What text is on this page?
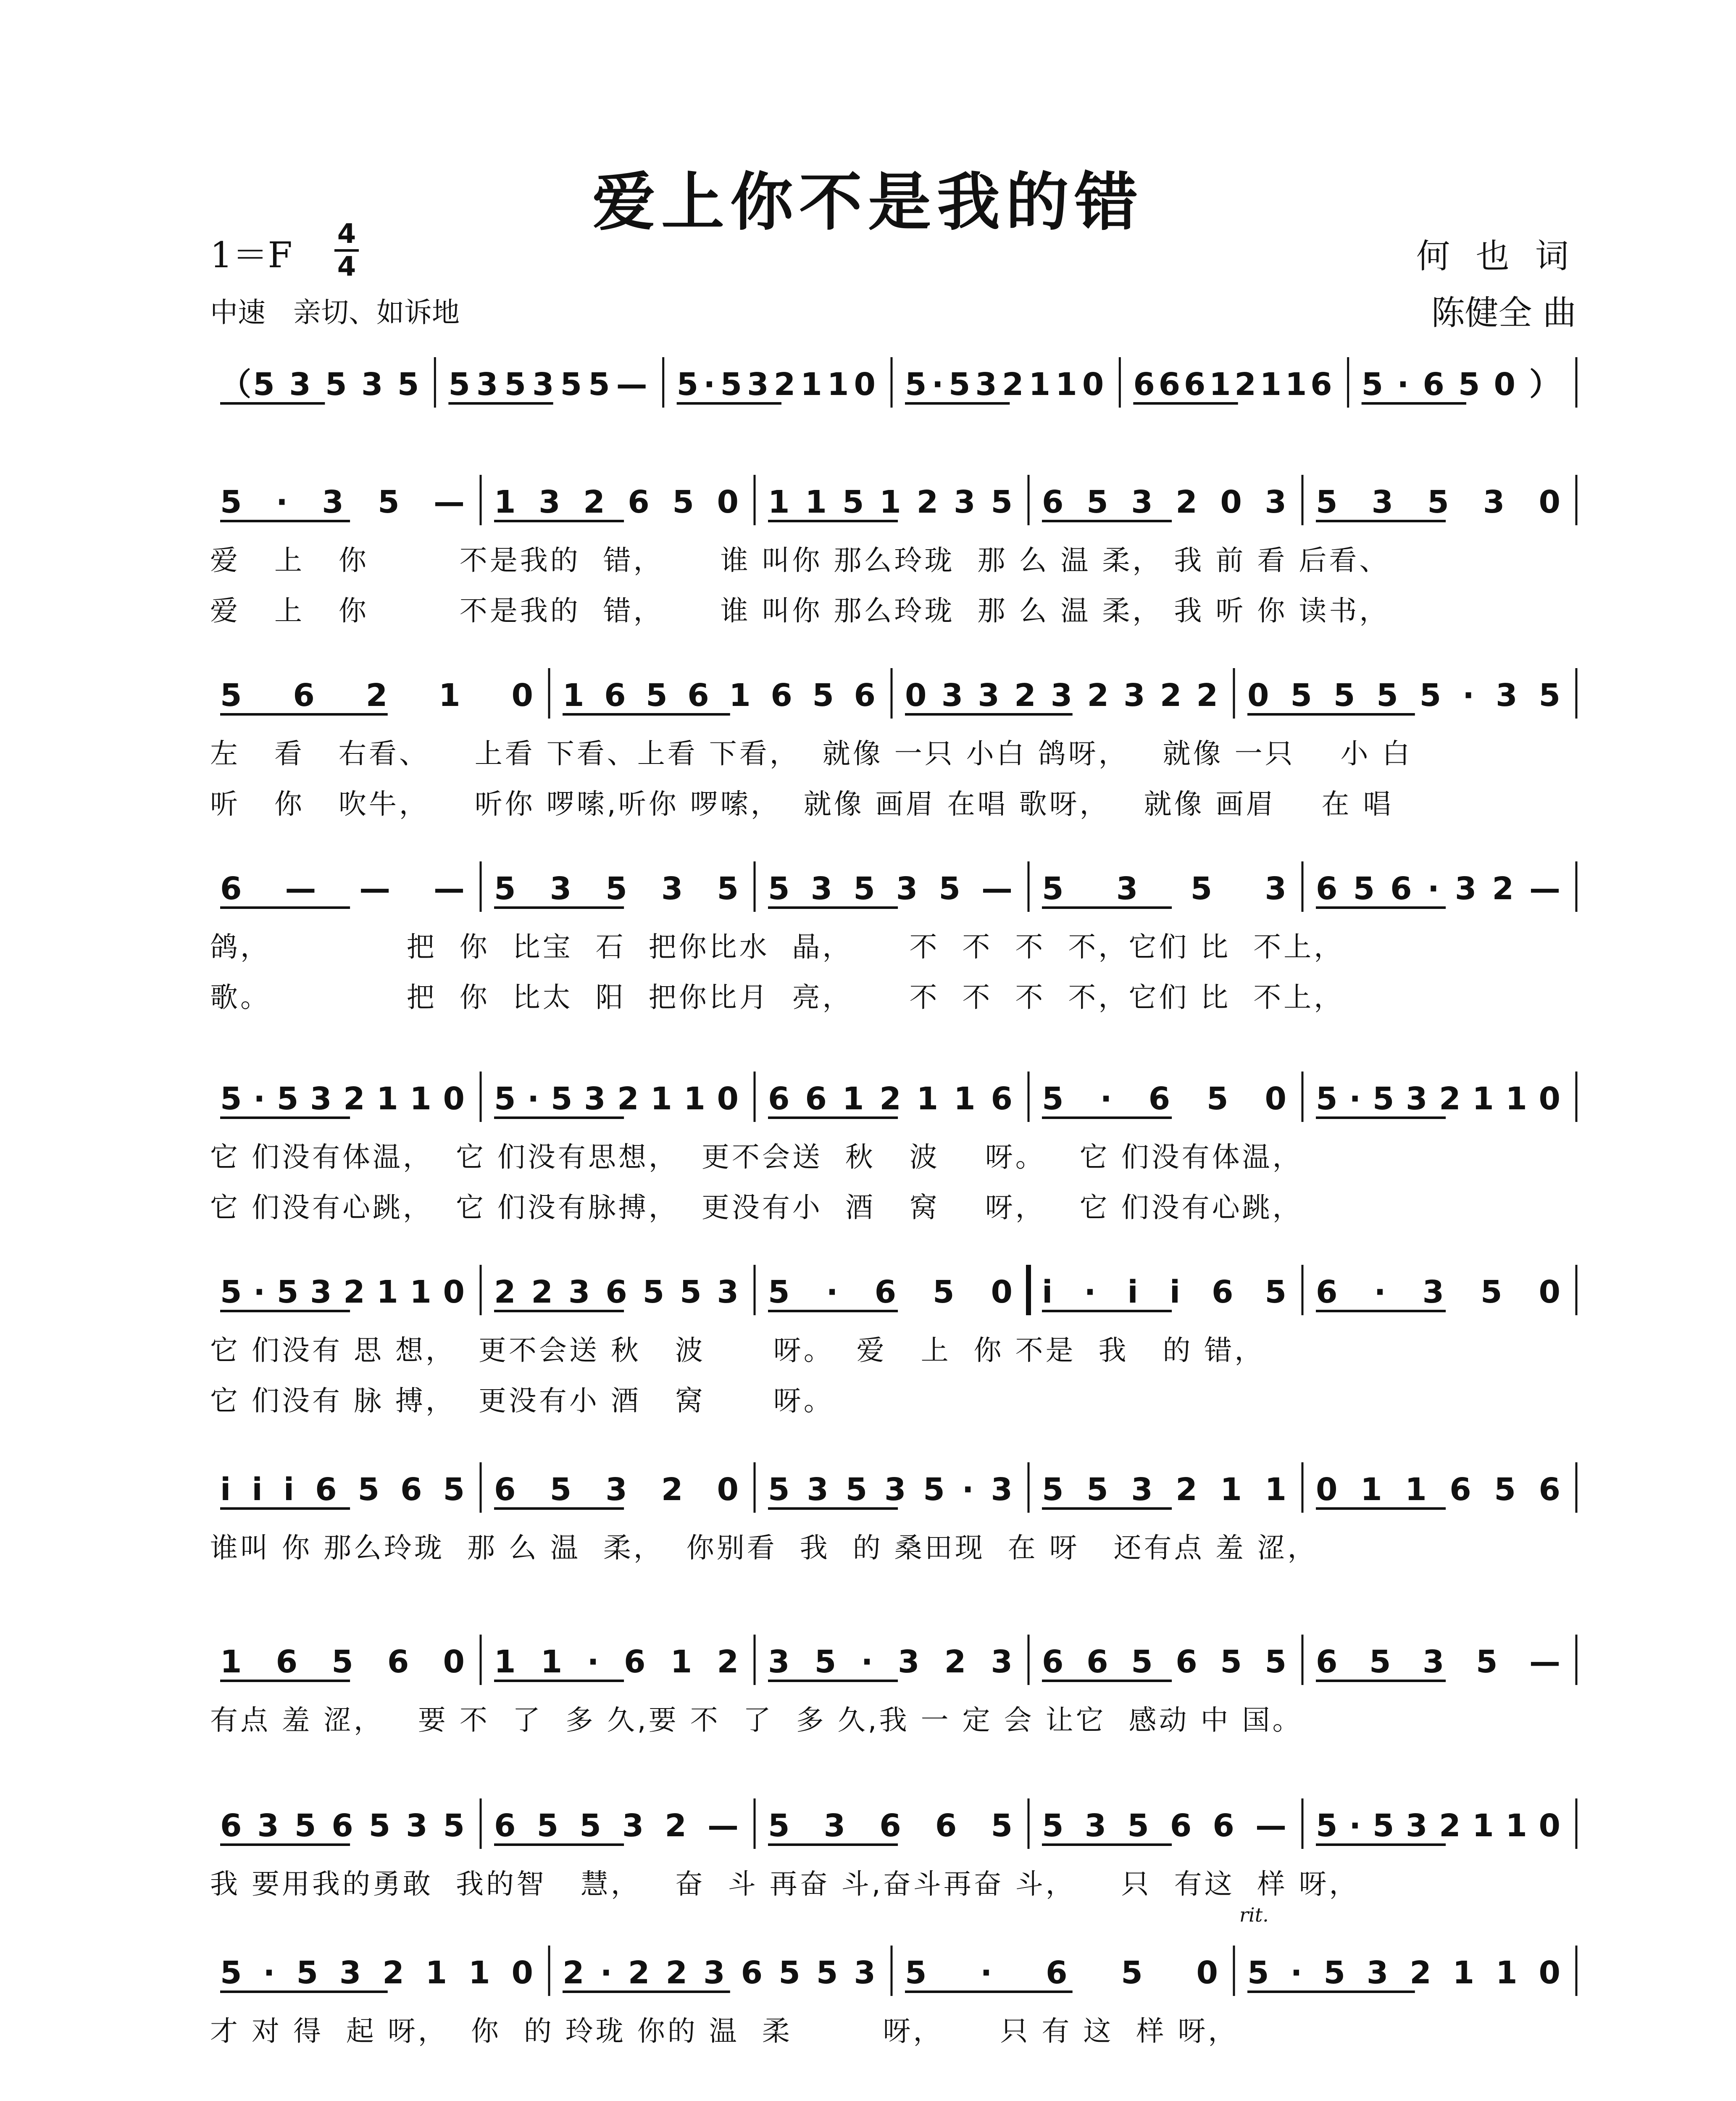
爱上你不是我的错
1＝F
4
4
中速　亲切、如诉地
何 也 词
陈健全 曲
（5 3 5 3 5 5 3 5 3 5 5 — 5 · 5 3 2 1 1 0 5 · 5 3 2 1 1 0 6 6 6 1 2 1 1 6 5 · 6 5 0 ）
5 · 3 5 — 1 3 2 6 5 0 1 1 5 1 2 3 5 6 5 3 2 0 3 5 3 5 3 0
爱   上   你        不是我的  错，     谁 叫你 那么玲珑  那 么 温 柔， 我 前 看 后看、
爱   上   你        不是我的  错，     谁 叫你 那么玲珑  那 么 温 柔， 我 听 你 读书，
5 6 2 1 0 1 6 5 6 1 6 5 6 0 3 3 2 3 2 3 2 2 0 5 5 5 5 · 3 5
左   看   右看、    上看 下看、上看 下看，  就像 一只 小白 鸽呀，   就像 一只    小 白
听   你   吹牛，    听你 啰嗦,听你 啰嗦，  就像 画眉 在唱 歌呀，   就像 画眉    在 唱
6 — — — 5 3 5 3 5 5 3 5 3 5 — 5 3 5 3 6 5 6 · 3 2 —
鸽，            把  你  比宝  石  把你比水  晶，     不  不  不  不，它们 比  不上，
歌。            把  你  比太  阳  把你比月  亮，     不  不  不  不，它们 比  不上，
5 · 5 3 2 1 1 0 5 · 5 3 2 1 1 0 6 6 1 2 1 1 6 5 · 6 5 0 5 · 5 3 2 1 1 0
它 们没有体温，  它 们没有思想，  更不会送  秋   波    呀。   它 们没有体温，
它 们没有心跳，  它 们没有脉搏，  更没有小  酒   窝    呀，   它 们没有心跳，
5 · 5 3 2 1 1 0 2 2 3 6 5 5 3 5 · 6 5 0 i · i i 6 5 6 · 3 5 0
它 们没有 思 想，  更不会送 秋   波      呀。  爱   上  你 不是  我   的 错，
它 们没有 脉 搏，  更没有小 酒   窝      呀。
i i i 6 5 6 5 6 5 3 2 0 5 3 5 3 5 · 3 5 5 3 2 1 1 0 1 1 6 5 6
谁叫 你 那么玲珑  那 么 温  柔，  你别看  我  的 桑田现  在 呀   还有点 羞 涩，
1 6 5 6 0 1 1 · 6 1 2 3 5 · 3 2 3 6 6 5 6 5 5 6 5 3 5 —
有点 羞 涩，   要 不  了  多 久,要 不  了  多 久,我 一 定 会 让它  感动 中 国。
6 3 5 6 5 3 5 6 5 5 3 2 — 5 3 6 6 5 5 3 5 6 6 — 5 · 5 3 2 1 1 0
我 要用我的勇敢  我的智   慧，   奋  斗 再奋 斗,奋斗再奋 斗，    只  有这  样 呀，
5 · 5 3 2 1 1 0 2 · 2 2 3 6 5 5 3 5 · 6 5 0 5 · 5 3 2 1 1 0
才 对 得  起 呀，  你  的 玲珑 你的 温  柔        呀，     只 有 这  样 呀，
rit.
